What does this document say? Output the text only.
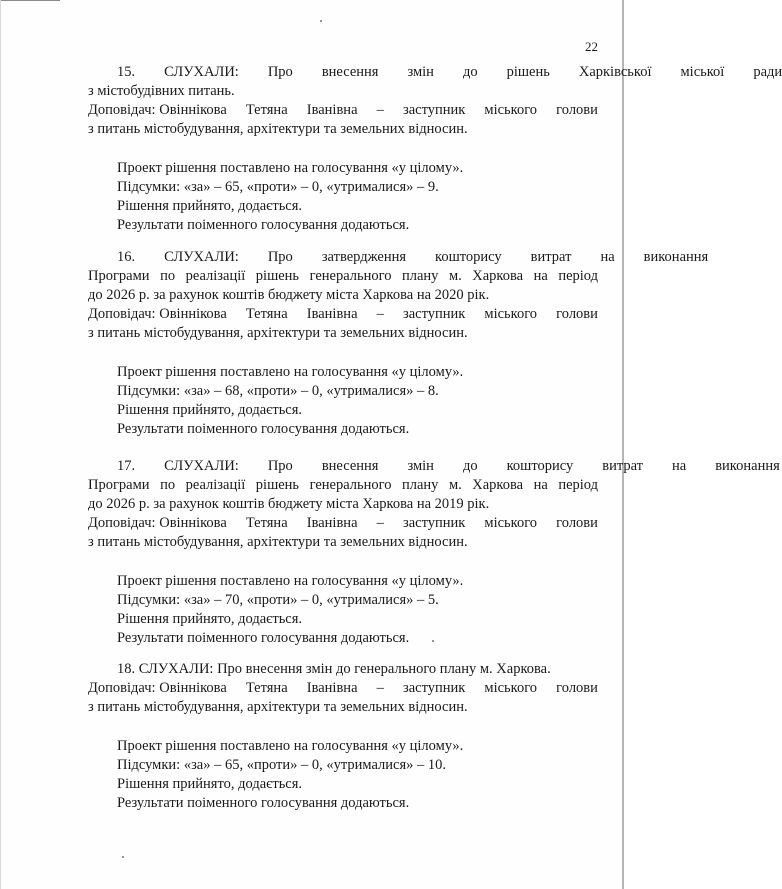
22

15.	СЛУХАЛИ:	Про	внесення	змін	до	рішень	Харківської	міської	ради

з містобудівних питань.

Доповідач: Овіннікова Тетяна Іванівна – заступник міського голови

з питань містобудування, архітектури та земельних відносин.

Проект рішення поставлено на голосування «у цілому».

Підсумки: «за» – 65, «проти» – 0, «утрималися» – 9.

Рішення прийнято, додається.

Результати поіменного голосування додаються.

16.	СЛУХАЛИ:	Про	затвердження	кошторису	витрат	на	виконання

Програми по реалізації рішень генерального плану м. Харкова на період

до 2026 р. за рахунок коштів бюджету міста Харкова на 2020 рік.

Доповідач: Овіннікова Тетяна Іванівна – заступник міського голови

з питань містобудування, архітектури та земельних відносин.

Проект рішення поставлено на голосування «у цілому».

Підсумки: «за» – 68, «проти» – 0, «утрималися» – 8.

Рішення прийнято, додається.

Результати поіменного голосування додаються.

17.	СЛУХАЛИ:	Про	внесення	змін	до	кошторису	витрат	на	виконання

Програми по реалізації рішень генерального плану м. Харкова на період

до 2026 р. за рахунок коштів бюджету міста Харкова на 2019 рік.

Доповідач: Овіннікова Тетяна Іванівна – заступник міського голови

з питань містобудування, архітектури та земельних відносин.

Проект рішення поставлено на голосування «у цілому».

Підсумки: «за» – 70, «проти» – 0, «утрималися» – 5.

Рішення прийнято, додається.

Результати поіменного голосування додаються.

18. СЛУХАЛИ: Про внесення змін до генерального плану м. Харкова.

Доповідач: Овіннікова Тетяна Іванівна – заступник міського голови

з питань містобудування, архітектури та земельних відносин.

Проект рішення поставлено на голосування «у цілому».

Підсумки: «за» – 65, «проти» – 0, «утрималися» – 10.

Рішення прийнято, додається.

Результати поіменного голосування додаються.
